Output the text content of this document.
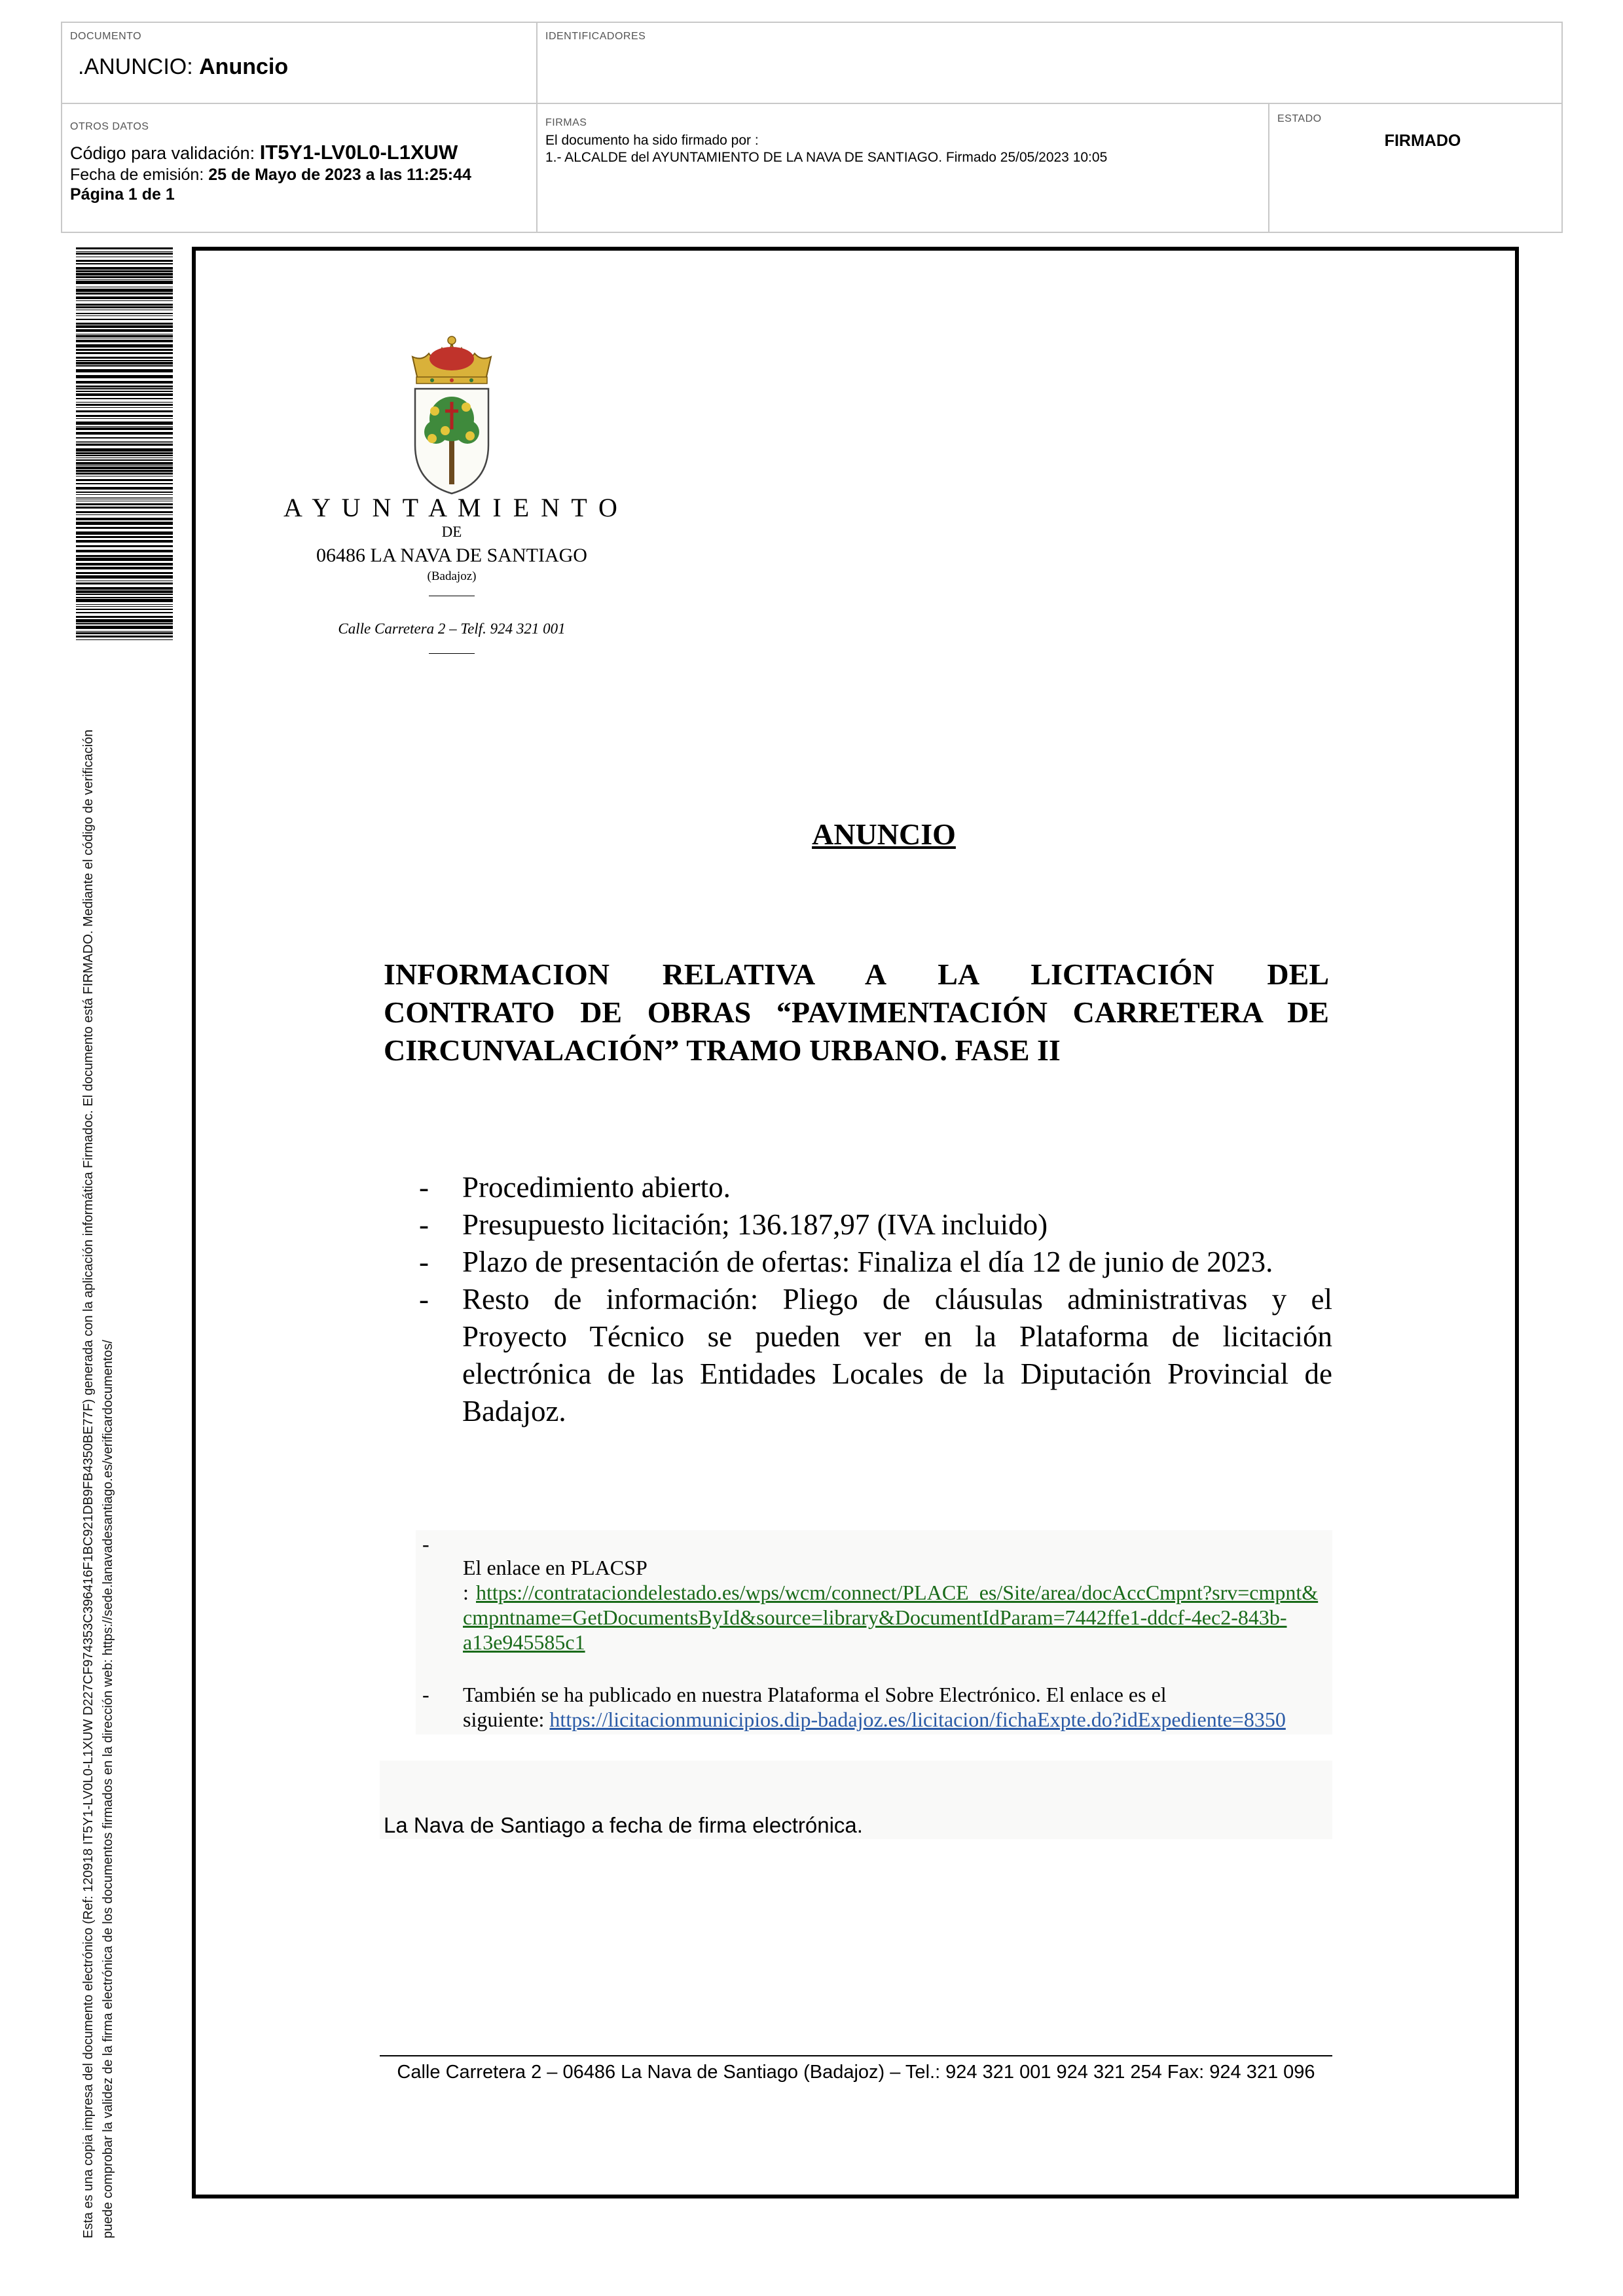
DOCUMENTO
.ANUNCIO: Anuncio
IDENTIFICADORES
OTROS DATOS
Código para validación: IT5Y1-LV0L0-L1XUW
Fecha de emisión: 25 de Mayo de 2023 a las 11:25:44
Página 1 de 1
FIRMAS
El documento ha sido firmado por :
1.- ALCALDE del AYUNTAMIENTO DE LA NAVA DE SANTIAGO. Firmado 25/05/2023 10:05
ESTADO
FIRMADO
Esta es una copia impresa del documento electrónico (Ref: 120918 IT5Y1-LV0L0-L1XUW D227CF974353C396416F1BC921DB9FB4350BE77F) generada con la aplicación informática Firmadoc. El documento está FIRMADO. Mediante el código de verificación puede comprobar la validez de la firma electrónica de los documentos firmados en la dirección web: https://sede.lanavadesantiago.es/verificardocumentos/
A Y U N T A M I E N T O
DE
06486 LA NAVA DE SANTIAGO
(Badajoz)
Calle Carretera 2 – Telf. 924 321 001
ANUNCIO
INFORMACION RELATIVA A LA LICITACIÓN DEL
CONTRATO DE OBRAS “PAVIMENTACIÓN CARRETERA DE
CIRCUNVALACIÓN” TRAMO URBANO. FASE II
- Procedimiento abierto.
- Presupuesto licitación; 136.187,97 (IVA incluido)
- Plazo de presentación de ofertas: Finaliza el día 12 de junio de 2023.
- Resto de información: Pliego de cláusulas administrativas y el
Proyecto Técnico se pueden ver en la Plataforma de licitación
electrónica de las Entidades Locales de la Diputación Provincial de
Badajoz.
-
El enlace en PLACSP
: https://contrataciondelestado.es/wps/wcm/connect/PLACE_es/Site/area/docAccCmpnt?srv=cmpnt&
cmpntname=GetDocumentsById&source=library&DocumentIdParam=7442ffe1-ddcf-4ec2-843b-
a13e945585c1
- También se ha publicado en nuestra Plataforma el Sobre Electrónico. El enlace es el
siguiente: https://licitacionmunicipios.dip-badajoz.es/licitacion/fichaExpte.do?idExpediente=8350
La Nava de Santiago a fecha de firma electrónica.
Calle Carretera 2 – 06486 La Nava de Santiago (Badajoz) – Tel.: 924 321 001 924 321 254 Fax: 924 321 096
